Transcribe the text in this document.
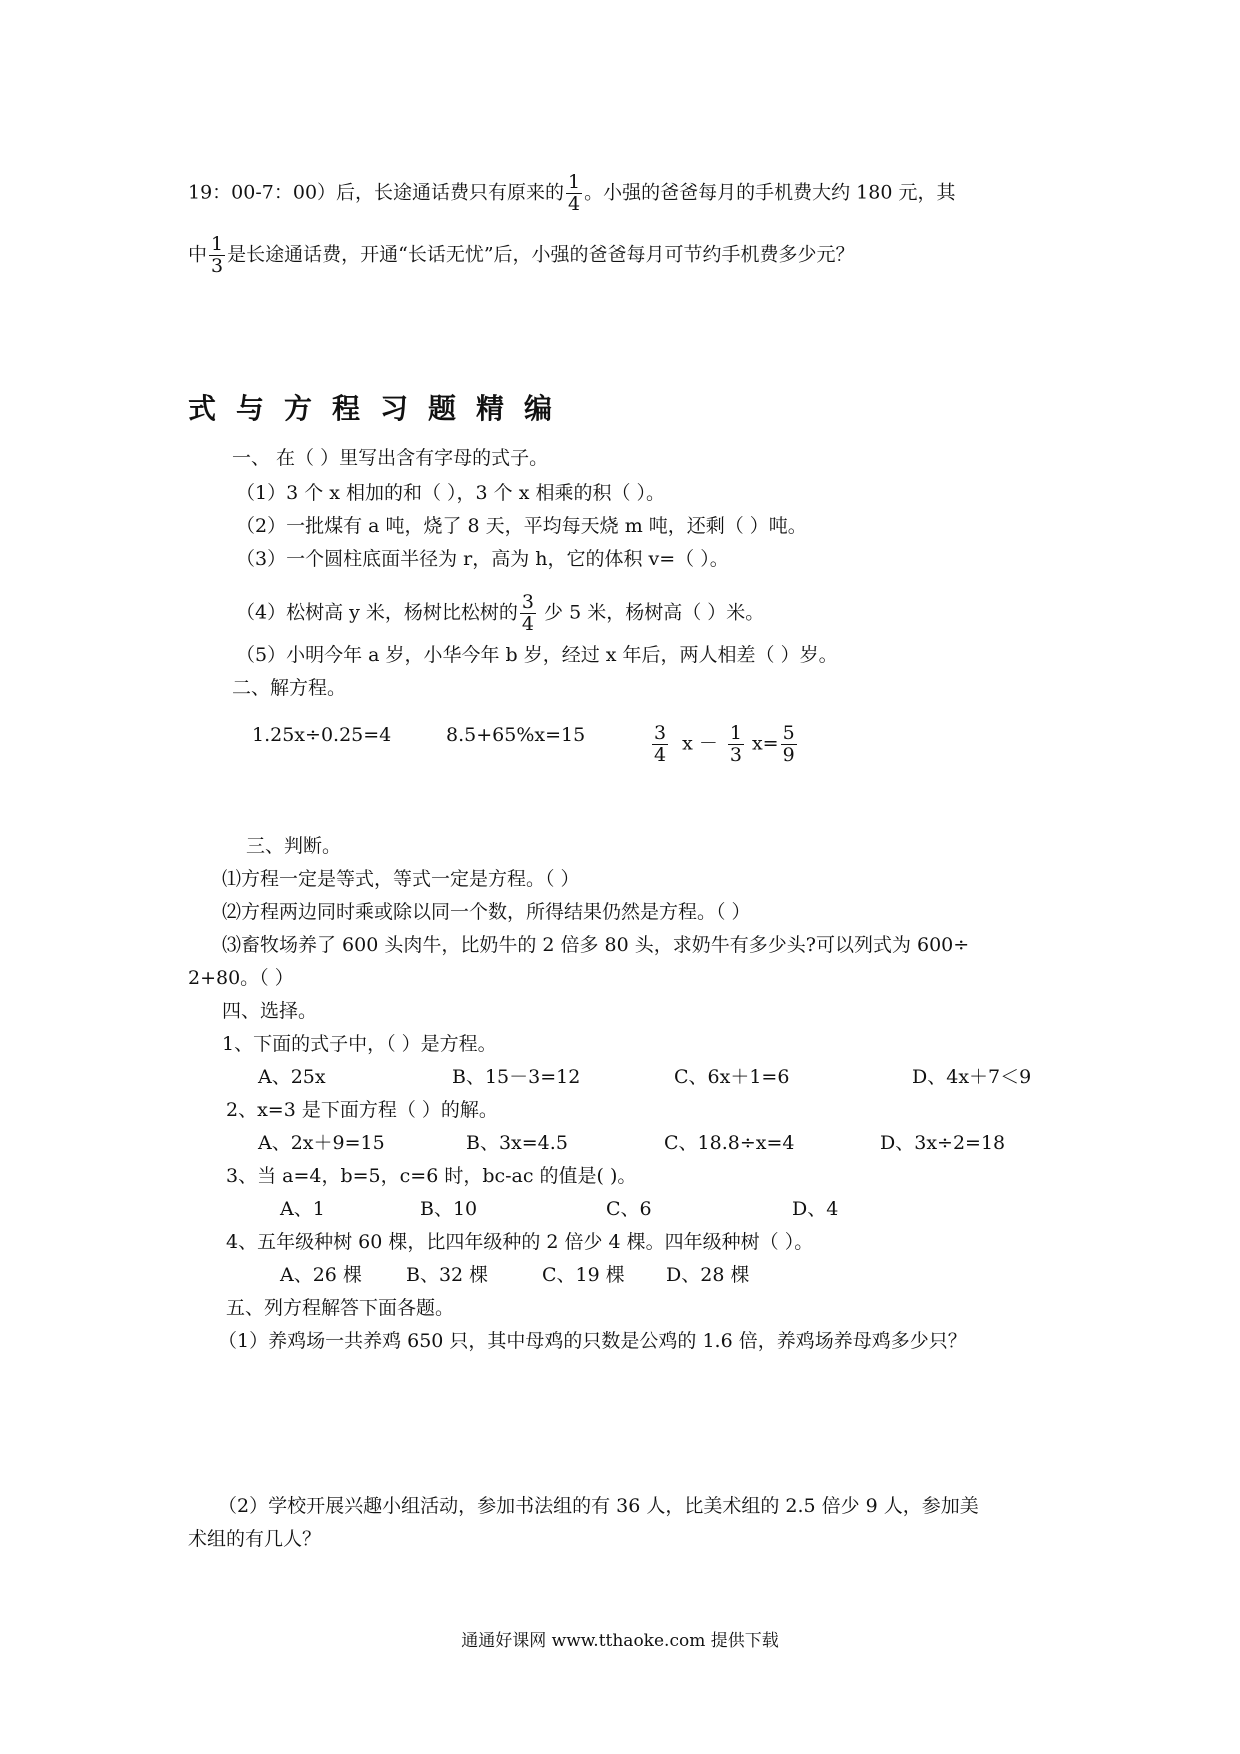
19：00-7：00）后，长途通话费只有原来的 $\frac{1}{4}$ 。小强的爸爸每月的手机费大约 180 元，其
中 $\frac{1}{3}$ 是长途通话费，开通“长话无忧”后，小强的爸爸每月可节约手机费多少元？
式与方程习题精编
一、 在（ ）里写出含有字母的式子。
（1）3 个 x 相加的和（ ），3 个 x 相乘的积（ ）。
（2）一批煤有 a 吨，烧了 8 天，平均每天烧 m 吨，还剩（ ）吨。
（3）一个圆柱底面半径为 r，高为 h，它的体积 v=（ ）。
（4）松树高 y 米，杨树比松树的 $\frac{3}{4}$ 少 5 米，杨树高（ ）米。
（5）小明今年 a 岁，小华今年 b 岁，经过 x 年后，两人相差（ ）岁。
二、解方程。
1.25x÷0.25=4	8.5+65%x=15	$\frac{3}{4}$ $x - \frac{1}{3} x= \frac{5}{9}$
三、判断。
⑴方程一定是等式，等式一定是方程。（ ）
⑵方程两边同时乘或除以同一个数，所得结果仍然是方程。（ ）
⑶畜牧场养了 600 头肉牛，比奶牛的 2 倍多 80 头，求奶牛有多少头?可以列式为 600÷
2+80。（ ）
四、选择。
1、下面的式子中，（ ）是方程。
A、25x	B、15－3=12	C、6x＋1=6	D、4x＋7＜9
2、x=3 是下面方程（ ）的解。
A、2x＋9=15	B、3x=4.5	C、18.8÷x=4	D、3x÷2=18
3、当 a=4，b=5，c=6 时，bc-ac 的值是( )。
A、1	B、10	C、6	D、4
4、五年级种树 60 棵，比四年级种的 2 倍少 4 棵。四年级种树（ ）。
A、26 棵 B、32 棵	C、19 棵 D、28 棵
五、列方程解答下面各题。
（1）养鸡场一共养鸡 650 只，其中母鸡的只数是公鸡的 1.6 倍，养鸡场养母鸡多少只？
（2）学校开展兴趣小组活动，参加书法组的有 36 人，比美术组的 2.5 倍少 9 人，参加美
术组的有几人？
通通好课网 www.tthaoke.com 提供下载
